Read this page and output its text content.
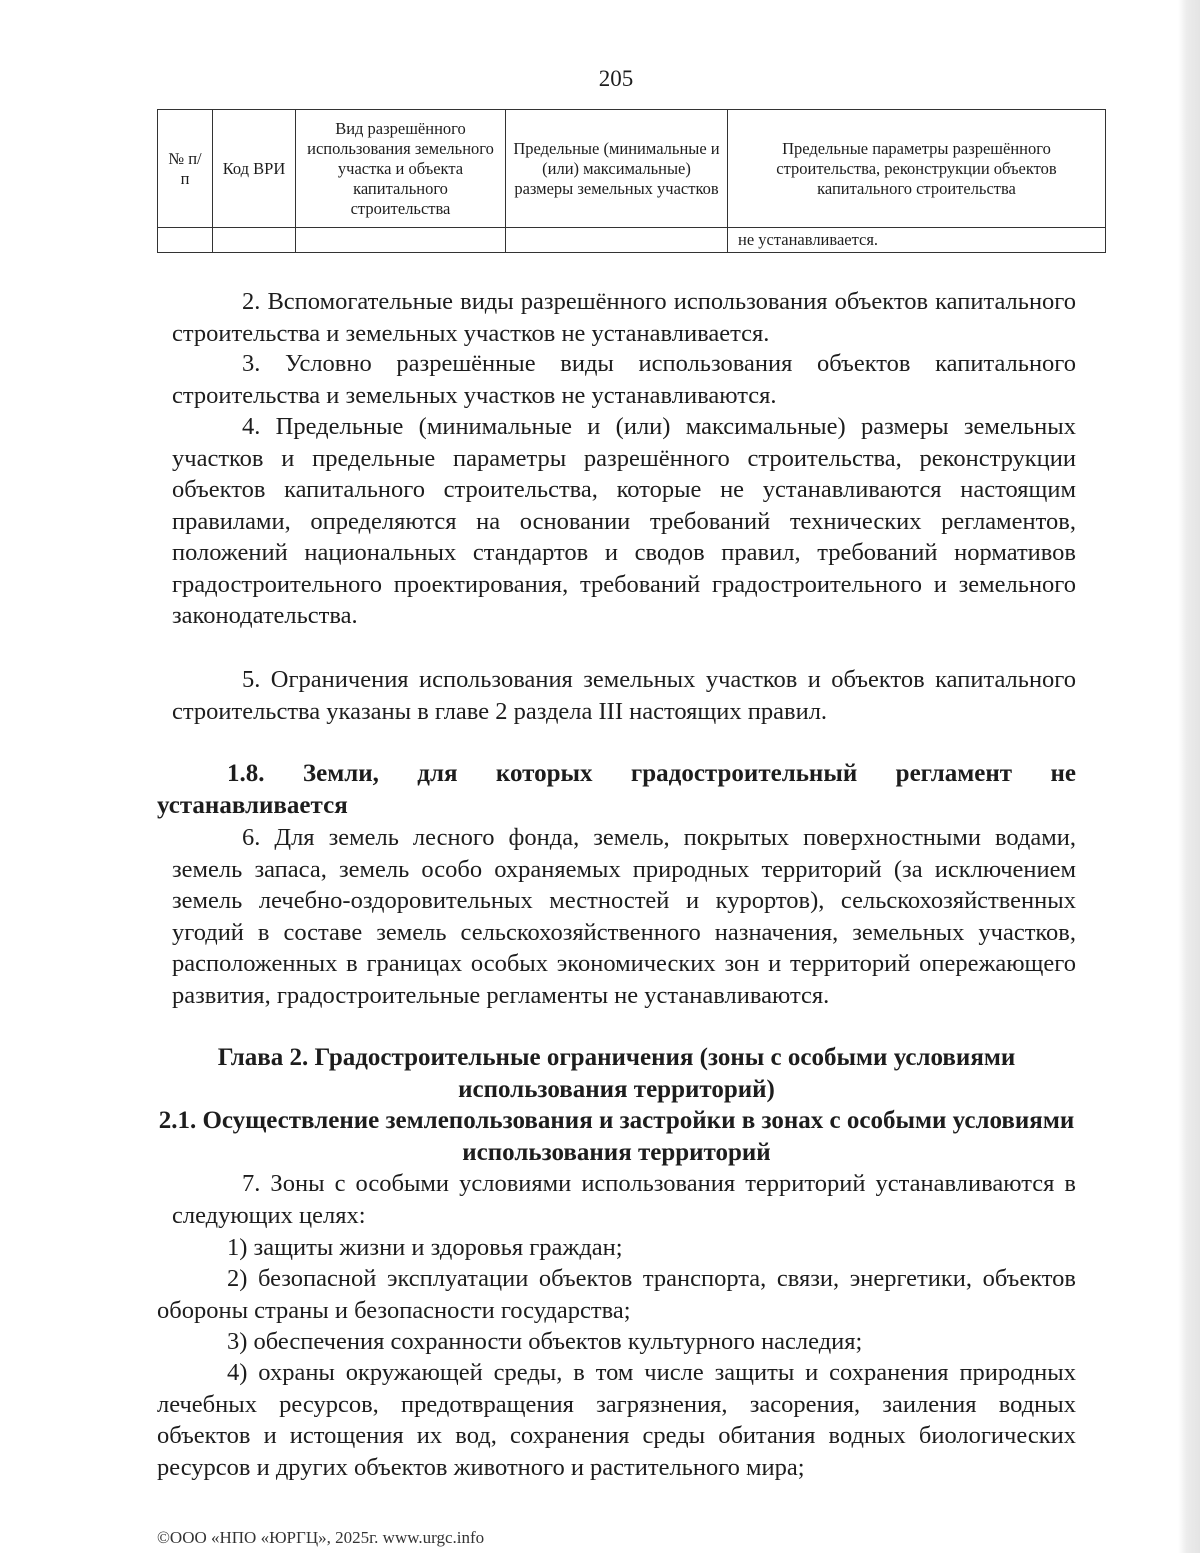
205
№ п/п	Код ВРИ	Вид разрешённого использования земельного участка и объекта капитального строительства	Предельные (минимальные и (или) максимальные) размеры земельных участков	Предельные параметры разрешённого строительства, реконструкции объектов капитального строительства
				не устанавливается.
2. Вспомогательные виды разрешённого использования объектов капитального строительства и земельных участков не устанавливается.
3. Условно разрешённые виды использования объектов капитального строительства и земельных участков не устанавливаются.
4. Предельные (минимальные и (или) максимальные) размеры земельных участков и предельные параметры разрешённого строительства, реконструкции объектов капитального строительства, которые не устанавливаются настоящим правилами, определяются на основании требований технических регламентов, положений национальных стандартов и сводов правил, требований нормативов градостроительного проектирования, требований градостроительного и земельного законодательства.
5. Ограничения использования земельных участков и объектов капитального строительства указаны в главе 2 раздела III настоящих правил.
1.8. Земли, для которых градостроительный регламент не устанавливается
6. Для земель лесного фонда, земель, покрытых поверхностными водами, земель запаса, земель особо охраняемых природных территорий (за исключением земель лечебно-оздоровительных местностей и курортов), сельскохозяйственных угодий в составе земель сельскохозяйственного назначения, земельных участков, расположенных в границах особых экономических зон и территорий опережающего развития, градостроительные регламенты не устанавливаются.
Глава 2. Градостроительные ограничения (зоны с особыми условиями использования территорий)
2.1. Осуществление землепользования и застройки в зонах с особыми условиями использования территорий
7. Зоны с особыми условиями использования территорий устанавливаются в следующих целях:
1) защиты жизни и здоровья граждан;
2) безопасной эксплуатации объектов транспорта, связи, энергетики, объектов обороны страны и безопасности государства;
3) обеспечения сохранности объектов культурного наследия;
4) охраны окружающей среды, в том числе защиты и сохранения природных лечебных ресурсов, предотвращения загрязнения, засорения, заиления водных объектов и истощения их вод, сохранения среды обитания водных биологических ресурсов и других объектов животного и растительного мира;
©ООО «НПО «ЮРГЦ», 2025г. www.urgc.info
